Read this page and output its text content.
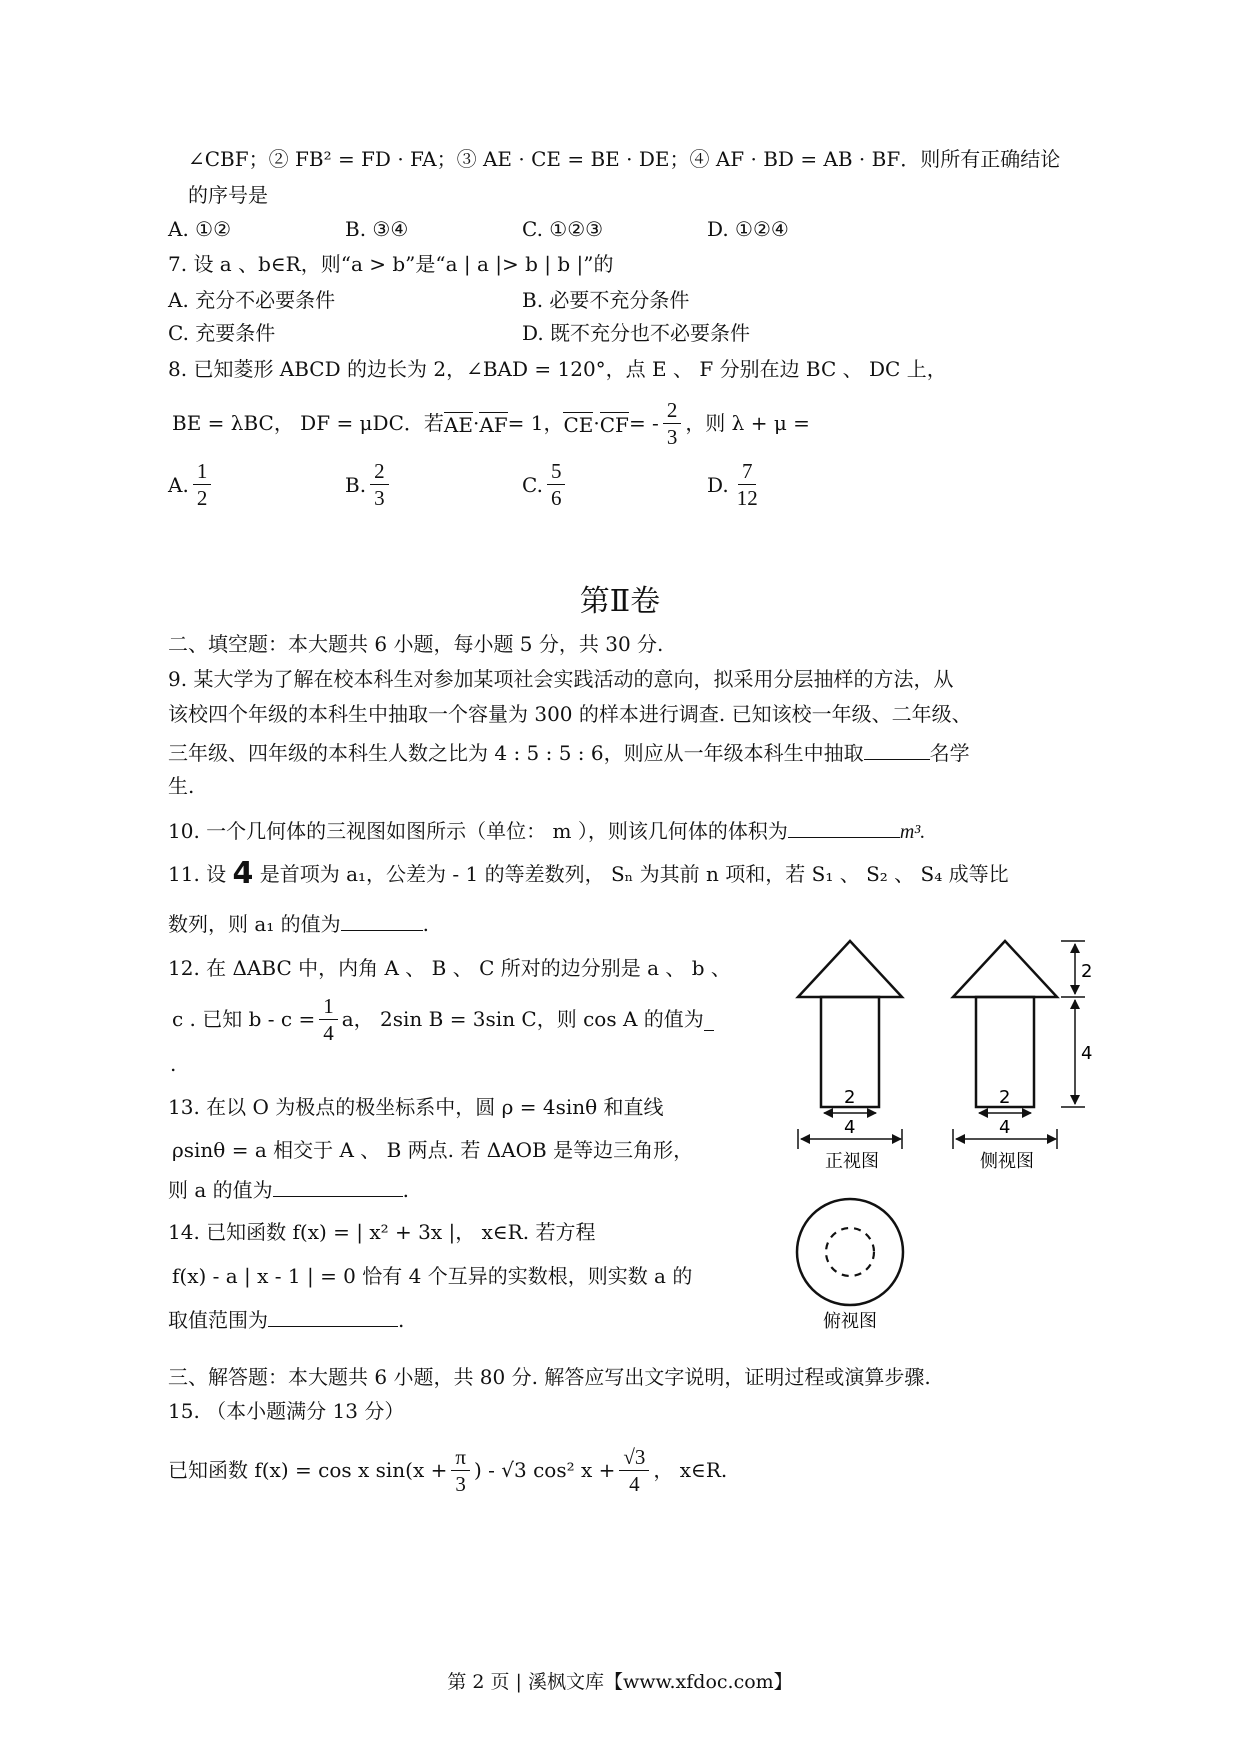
∠CBF；② FB² = FD · FA；③ AE · CE = BE · DE；④ AF · BD = AB · BF．则所有正确结论
的序号是
A. ①②	B. ③④	C. ①②③	D. ①②④
7. 设 a 、b∈R，则“a > b”是“a | a |> b | b |”的
A. 充分不必要条件	B. 必要不充分条件
C. 充要条件	D. 既不充分也不必要条件
8. 已知菱形 ABCD 的边长为 2，∠BAD = 120°，点 E 、 F 分别在边 BC 、 DC 上，
BE = λBC， DF = μDC．若 AE · AF = 1， CE · CF = - $\frac{2}{3}$ ，则 λ + μ =
A. $\frac{1}{2}$	B. $\frac{2}{3}$	C. $\frac{5}{6}$	D. $\frac{7}{12}$
第Ⅱ卷
二、填空题：本大题共 6 小题，每小题 5 分，共 30 分.
9. 某大学为了解在校本科生对参加某项社会实践活动的意向，拟采用分层抽样的方法，从
该校四个年级的本科生中抽取一个容量为 300 的样本进行调查. 已知该校一年级、二年级、
三年级、四年级的本科生人数之比为 4 : 5 : 5 : 6，则应从一年级本科生中抽取	名学
生.
10. 一个几何体的三视图如图所示（单位： m ），则该几何体的体积为	m³.
11. 设 4 是首项为 a₁，公差为 - 1 的等差数列， Sₙ 为其前 n 项和，若 S₁ 、 S₂ 、 S₄ 成等比
数列，则 a₁ 的值为	.
12. 在 ΔABC 中，内角 A 、 B 、 C 所对的边分别是 a 、 b 、
c . 已知 $b - c = \frac{1}{4}$ a， 2sin B = 3sin C，则 cos A 的值为
.
13. 在以 O 为极点的极坐标系中，圆 ρ = 4sinθ 和直线
ρsinθ = a 相交于 A 、 B 两点. 若 ΔAOB 是等边三角形，
则 a 的值为	.
14. 已知函数 f(x) = | x² + 3x |， x∈R. 若方程
f(x) - a | x - 1 | = 0 恰有 4 个互异的实数根，则实数 a 的
取值范围为	.
三、解答题：本大题共 6 小题，共 80 分. 解答应写出文字说明，证明过程或演算步骤.
15. （本小题满分 13 分）
已知函数 f(x) = cos x $\sin(x + \frac{\pi}{3}$ ) - √3 cos² $x + \frac{√3}{4}$ ， x∈R.
2
4
正视图
2
4
侧视图
2
4
俯视图
第 2 页 | 溪枫文库【www.xfdoc.com】
